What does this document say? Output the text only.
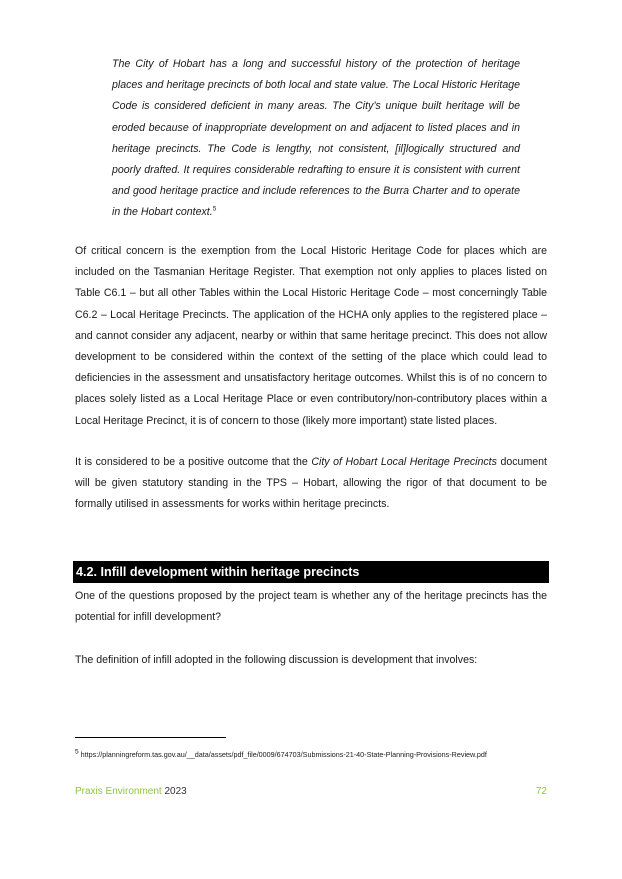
The City of Hobart has a long and successful history of the protection of heritage places and heritage precincts of both local and state value. The Local Historic Heritage Code is considered deficient in many areas. The City’s unique built heritage will be eroded because of inappropriate development on and adjacent to listed places and in heritage precincts. The Code is lengthy, not consistent, [il]logically structured and poorly drafted. It requires considerable redrafting to ensure it is consistent with current and good heritage practice and include references to the Burra Charter and to operate in the Hobart context.$^5$
Of critical concern is the exemption from the Local Historic Heritage Code for places which are included on the Tasmanian Heritage Register. That exemption not only applies to places listed on Table C6.1 – but all other Tables within the Local Historic Heritage Code – most concerningly Table C6.2 – Local Heritage Precincts. The application of the HCHA only applies to the registered place – and cannot consider any adjacent, nearby or within that same heritage precinct. This does not allow development to be considered within the context of the setting of the place which could lead to deficiencies in the assessment and unsatisfactory heritage outcomes. Whilst this is of no concern to places solely listed as a Local Heritage Place or even contributory/non-contributory places within a Local Heritage Precinct, it is of concern to those (likely more important) state listed places.
It is considered to be a positive outcome that the City of Hobart Local Heritage Precincts document will be given statutory standing in the TPS – Hobart, allowing the rigor of that document to be formally utilised in assessments for works within heritage precincts.
4.2. Infill development within heritage precincts
One of the questions proposed by the project team is whether any of the heritage precincts has the potential for infill development?
The definition of infill adopted in the following discussion is development that involves:
$^5$ https://planningreform.tas.gov.au/__data/assets/pdf_file/0009/674703/Submissions-21-40-State-Planning-Provisions-Review.pdf
Praxis Environment 2023	72
